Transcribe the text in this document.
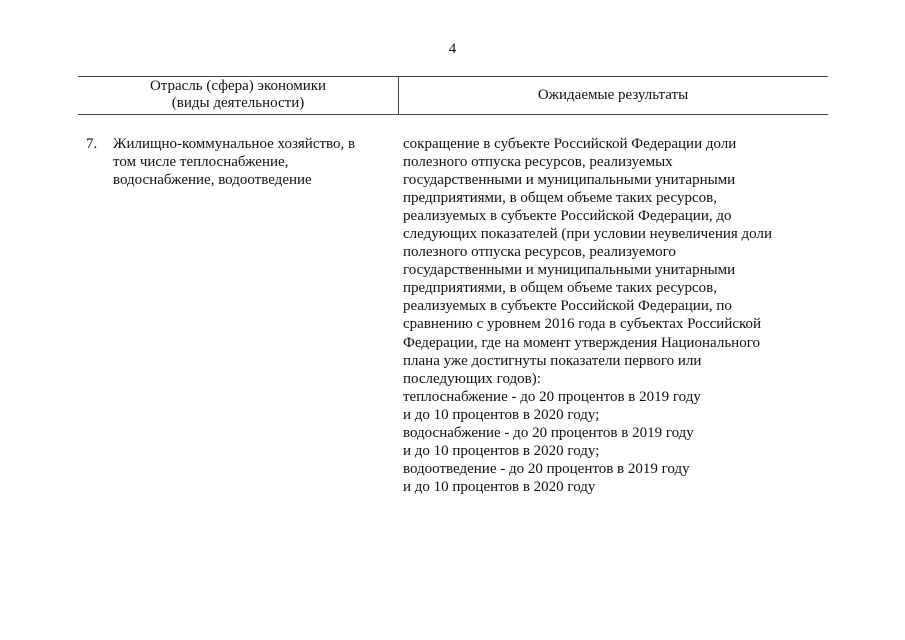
4
Отрасль (сфера) экономики
(виды деятельности)	Ожидаемые результаты
7. Жилищно-коммунальное хозяйство, в
том числе теплоснабжение,
водоснабжение, водоотведение
сокращение в субъекте Российской Федерации доли
полезного отпуска ресурсов, реализуемых
государственными и муниципальными унитарными
предприятиями, в общем объеме таких ресурсов,
реализуемых в субъекте Российской Федерации, до
следующих показателей (при условии неувеличения доли
полезного отпуска ресурсов, реализуемого
государственными и муниципальными унитарными
предприятиями, в общем объеме таких ресурсов,
реализуемых в субъекте Российской Федерации, по
сравнению с уровнем 2016 года в субъектах Российской
Федерации, где на момент утверждения Национального
плана уже достигнуты показатели первого или
последующих годов):
теплоснабжение - до 20 процентов в 2019 году
и до 10 процентов в 2020 году;
водоснабжение - до 20 процентов в 2019 году
и до 10 процентов в 2020 году;
водоотведение - до 20 процентов в 2019 году
и до 10 процентов в 2020 году
